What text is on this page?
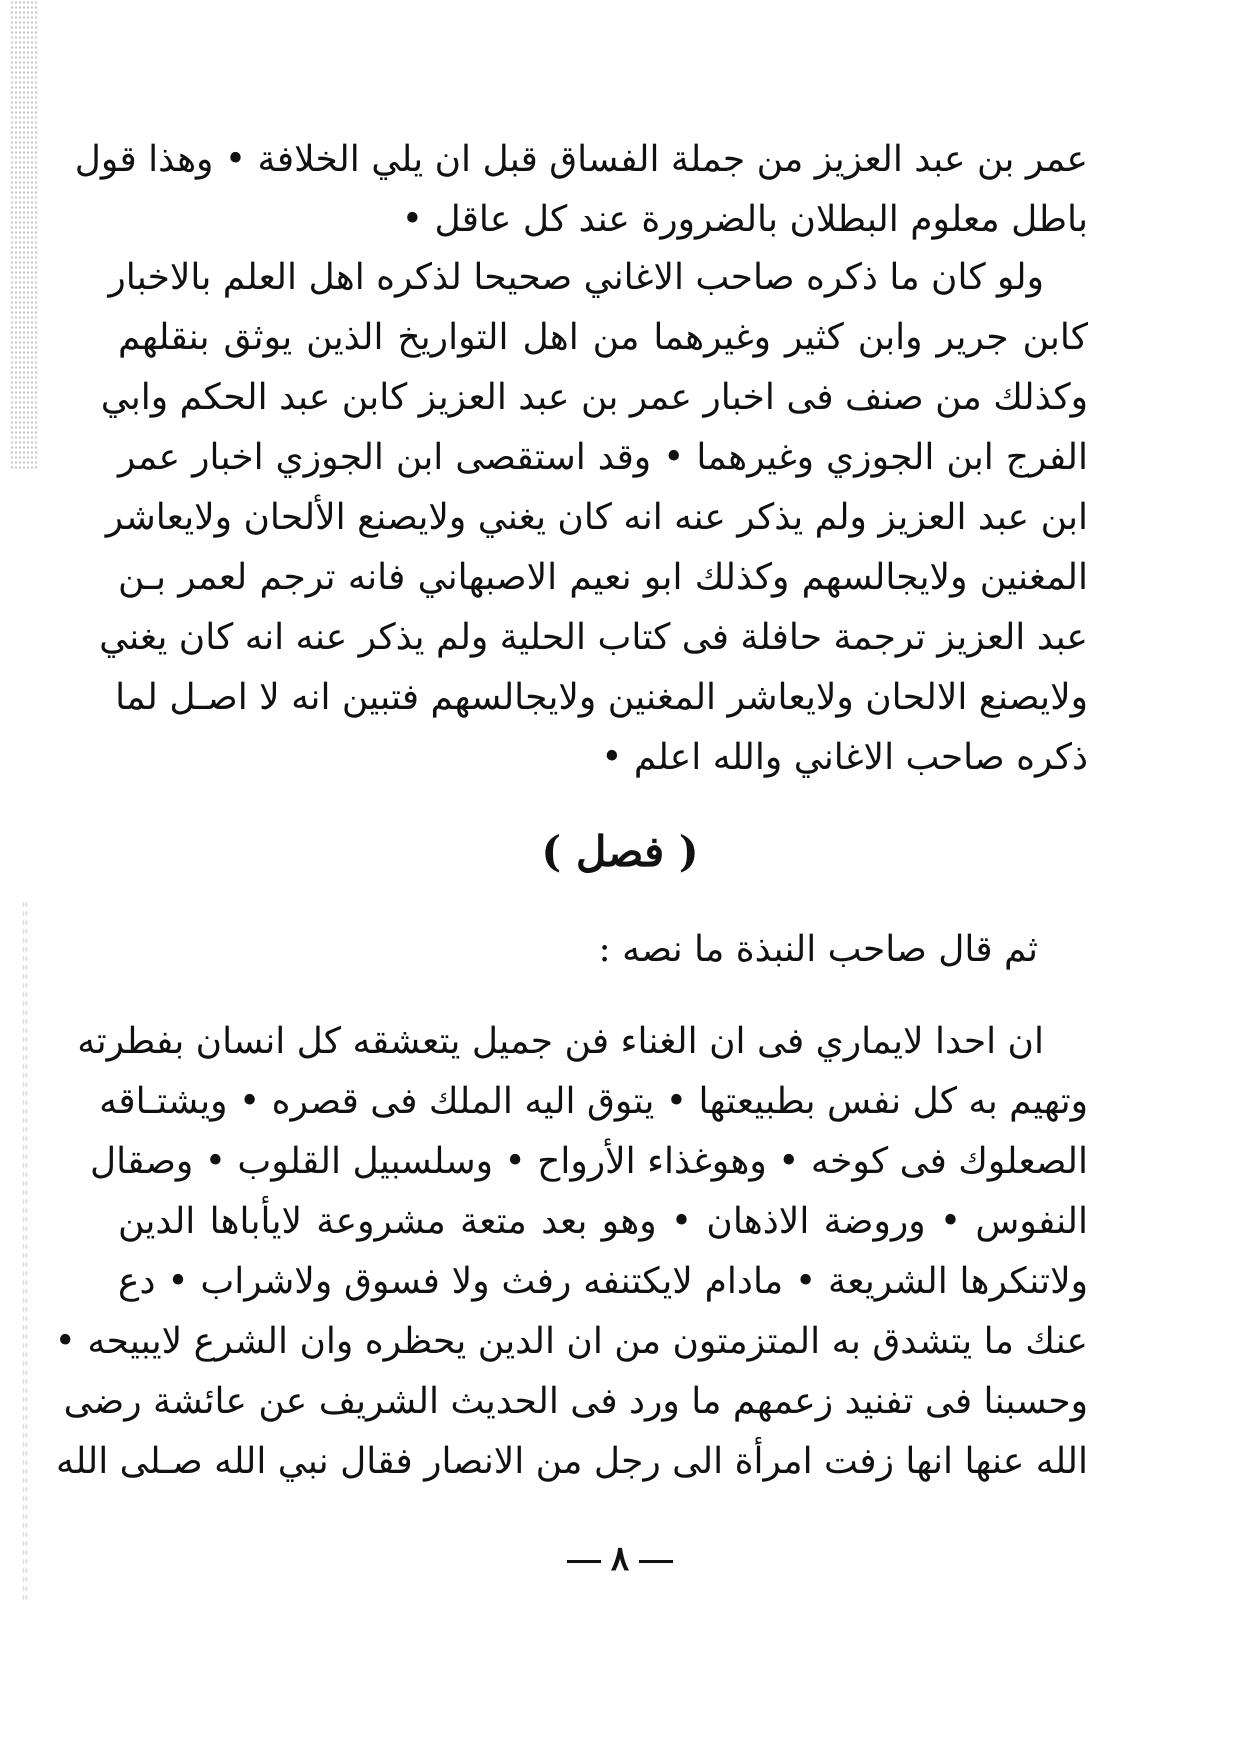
عمر بن عبد العزيز من جملة الفساق قبل ان يلي الخلافة • وهذا قول
باطل معلوم البطلان بالضرورة عند كل عاقل •
ولو كان ما ذكره صاحب الاغاني صحيحا لذكره اهل العلم بالاخبار
كابن جرير وابن كثير وغيرهما من اهل التواريخ الذين يوثق بنقلهم
وكذلك من صنف فى اخبار عمر بن عبد العزيز كابن عبد الحكم وابي
الفرج ابن الجوزي وغيرهما • وقد استقصى ابن الجوزي اخبار عمر
ابن عبد العزيز ولم يذكر عنه انه كان يغني ولايصنع الألحان ولايعاشر
المغنين ولايجالسهم وكذلك ابو نعيم الاصبهاني فانه ترجم لعمر بـن
عبد العزيز ترجمة حافلة فى كتاب الحلية ولم يذكر عنه انه كان يغني
ولايصنع الالحان ولايعاشر المغنين ولايجالسهم فتبين انه لا اصـل لما
ذكره صاحب الاغاني والله اعلم •
( فصل )
ثم قال صاحب النبذة ما نصه :
ان احدا لايماري فى ان الغناء فن جميل يتعشقه كل انسان بفطرته
وتهيم به كل نفس بطبيعتها • يتوق اليه الملك فى قصره • ويشتـاقه
الصعلوك فى كوخه • وهوغذاء الأرواح • وسلسبيل القلوب • وصقال
النفوس • وروضة الاذهان • وهو بعد متعة مشروعة لايأباها الدين
ولاتنكرها الشريعة • مادام لايكتنفه رفث ولا فسوق ولاشراب • دع
عنك ما يتشدق به المتزمتون من ان الدين يحظره وان الشرع لايبيحه •
وحسبنا فى تفنيد زعمهم ما ورد فى الحديث الشريف عن عائشة رضى
الله عنها انها زفت امرأة الى رجل من الانصار فقال نبي الله صـلى الله
٨
